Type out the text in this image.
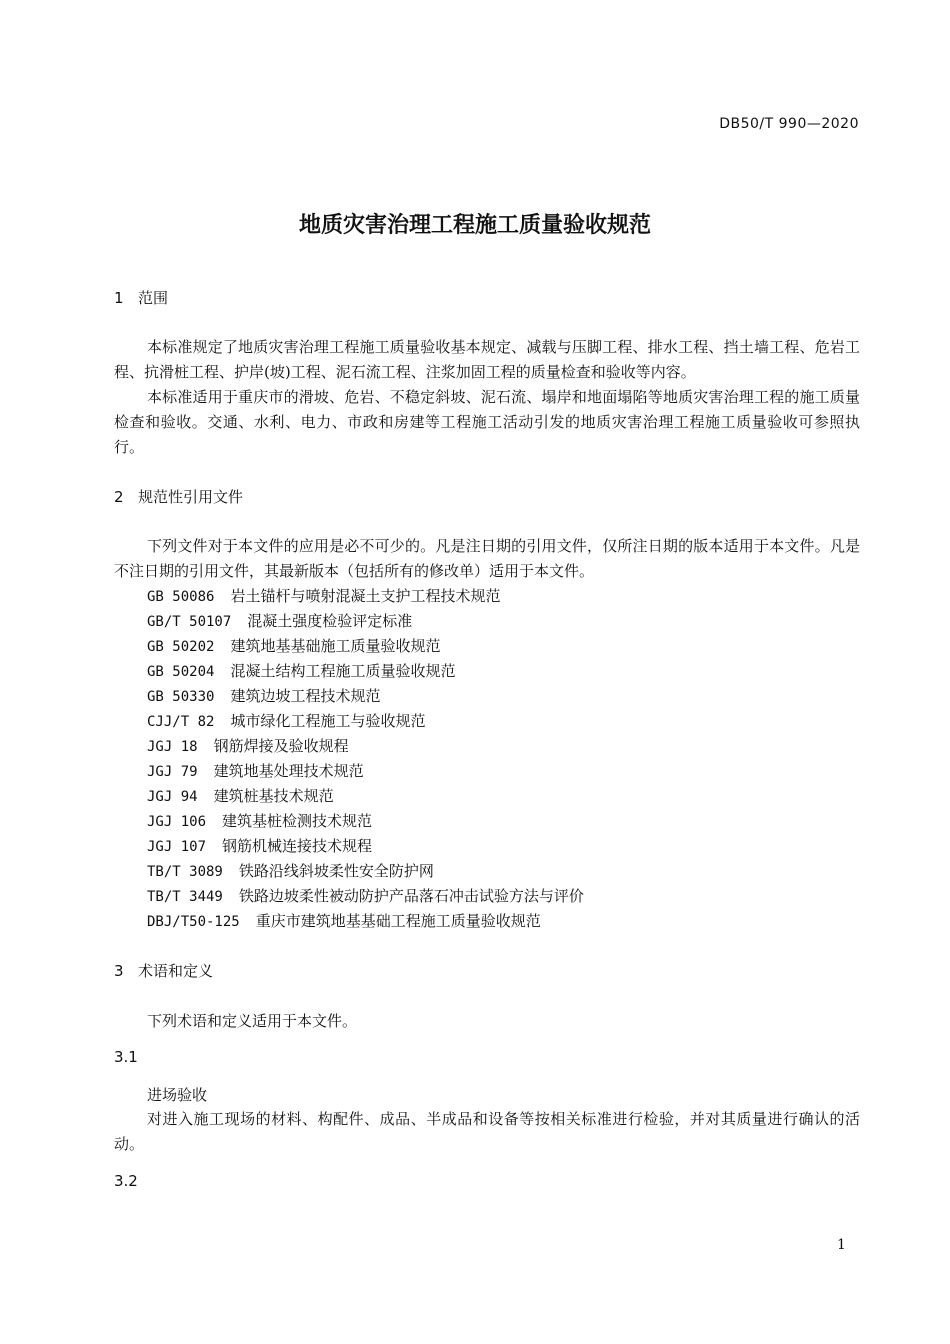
DB50/T 990—2020
地质灾害治理工程施工质量验收规范
1 范围

本标准规定了地质灾害治理工程施工质量验收基本规定、减载与压脚工程、排水工程、挡土墙工程、危岩工程、抗滑桩工程、护岸(坡)工程、泥石流工程、注浆加固工程的质量检查和验收等内容。

本标准适用于重庆市的滑坡、危岩、不稳定斜坡、泥石流、塌岸和地面塌陷等地质灾害治理工程的施工质量检查和验收。交通、水利、电力、市政和房建等工程施工活动引发的地质灾害治理工程施工质量验收可参照执行。

2 规范性引用文件

下列文件对于本文件的应用是必不可少的。凡是注日期的引用文件，仅所注日期的版本适用于本文件。凡是不注日期的引用文件，其最新版本（包括所有的修改单）适用于本文件。

GB 50086 岩土锚杆与喷射混凝土支护工程技术规范
GB/T 50107 混凝土强度检验评定标准
GB 50202 建筑地基基础施工质量验收规范
GB 50204 混凝土结构工程施工质量验收规范
GB 50330 建筑边坡工程技术规范
CJJ/T 82 城市绿化工程施工与验收规范
JGJ 18 钢筋焊接及验收规程
JGJ 79 建筑地基处理技术规范
JGJ 94 建筑桩基技术规范
JGJ 106 建筑基桩检测技术规范
JGJ 107 钢筋机械连接技术规程
TB/T 3089 铁路沿线斜坡柔性安全防护网
TB/T 3449 铁路边坡柔性被动防护产品落石冲击试验方法与评价
DBJ/T50-125 重庆市建筑地基基础工程施工质量验收规范
3 术语和定义

下列术语和定义适用于本文件。

3.1
进场验收

对进入施工现场的材料、构配件、成品、半成品和设备等按相关标准进行检验，并对其质量进行确认的活动。

3.2
1
